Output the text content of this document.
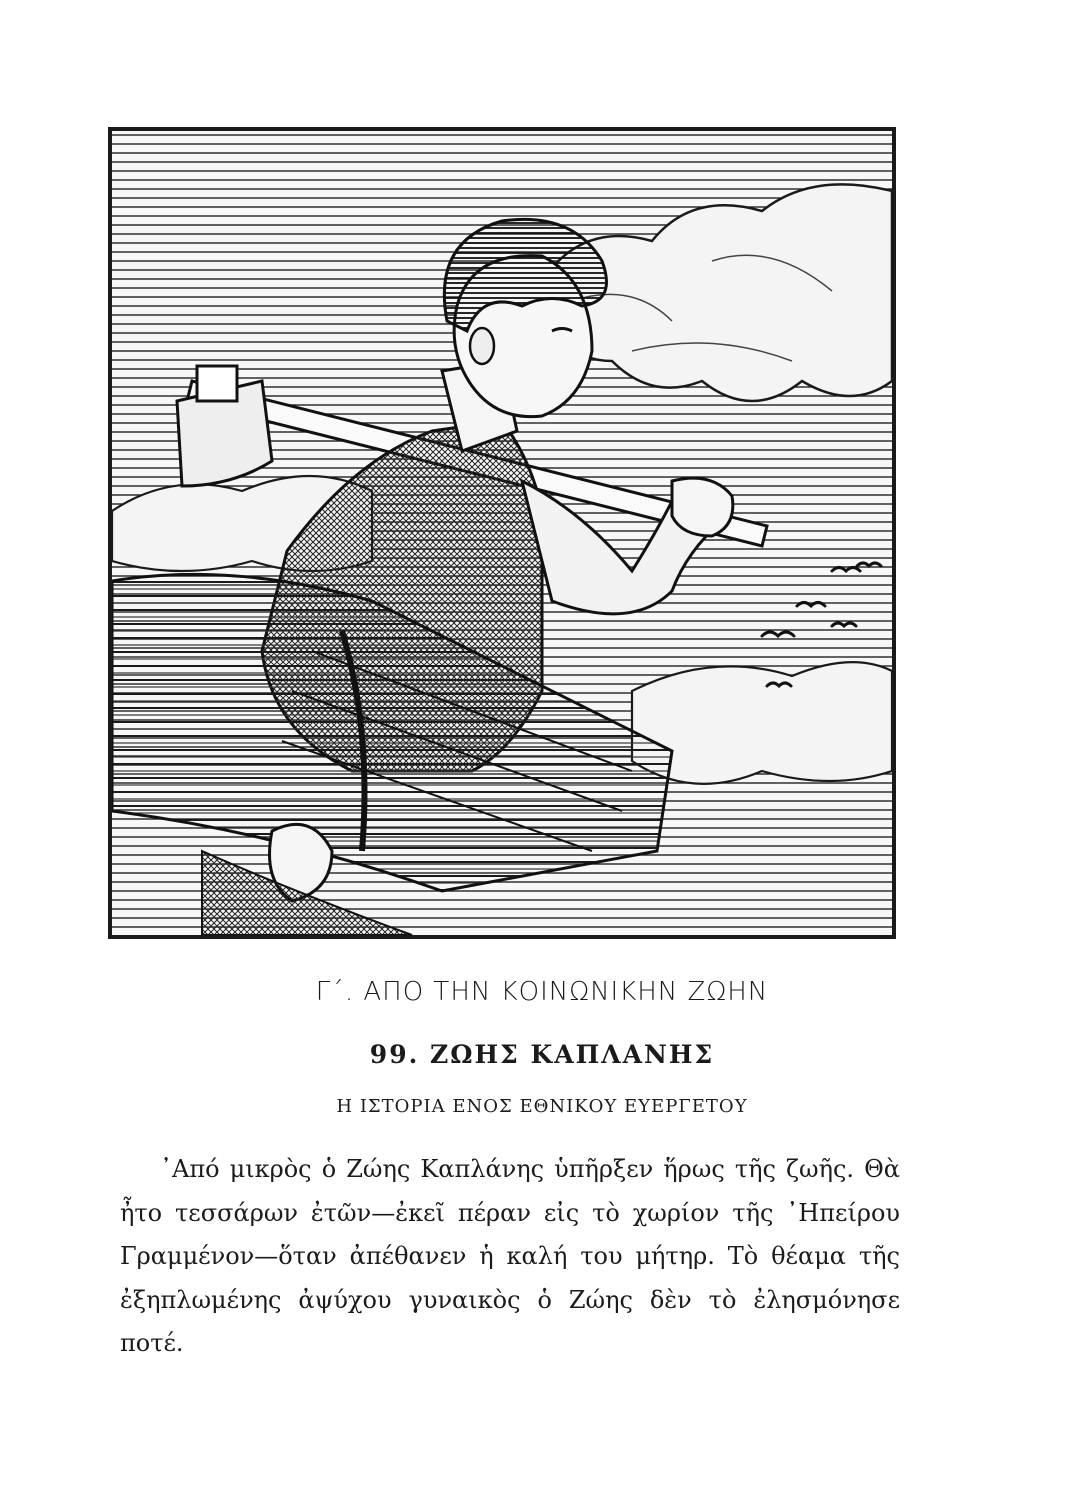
Γ΄. ΑΠΟ ΤΗΝ ΚΟΙΝΩΝΙΚΗΝ ΖΩΗΝ
99. ΖΩΗΣ ΚΑΠΛΑΝΗΣ
Η ΙΣΤΟΡΙΑ ΕΝΟΣ ΕΘΝΙΚΟΥ ΕΥΕΡΓΕΤΟΥ

᾿Από μικρὸς ὁ Ζώης Καπλάνης ὑπῆρξεν ἥρως τῆς ζωῆς. Θὰ ἦτο τεσσάρων ἐτῶν—ἐκεῖ πέραν εἰς τὸ χωρίον τῆς ᾿Ηπείρου Γραμμένον—ὅταν ἀπέθανεν ἡ καλή του μήτηρ. Τὸ θέαμα τῆς ἐξηπλωμένης ἀψύχου γυναικὸς ὁ Ζώης δὲν τὸ ἐλησμόνησε ποτέ.
